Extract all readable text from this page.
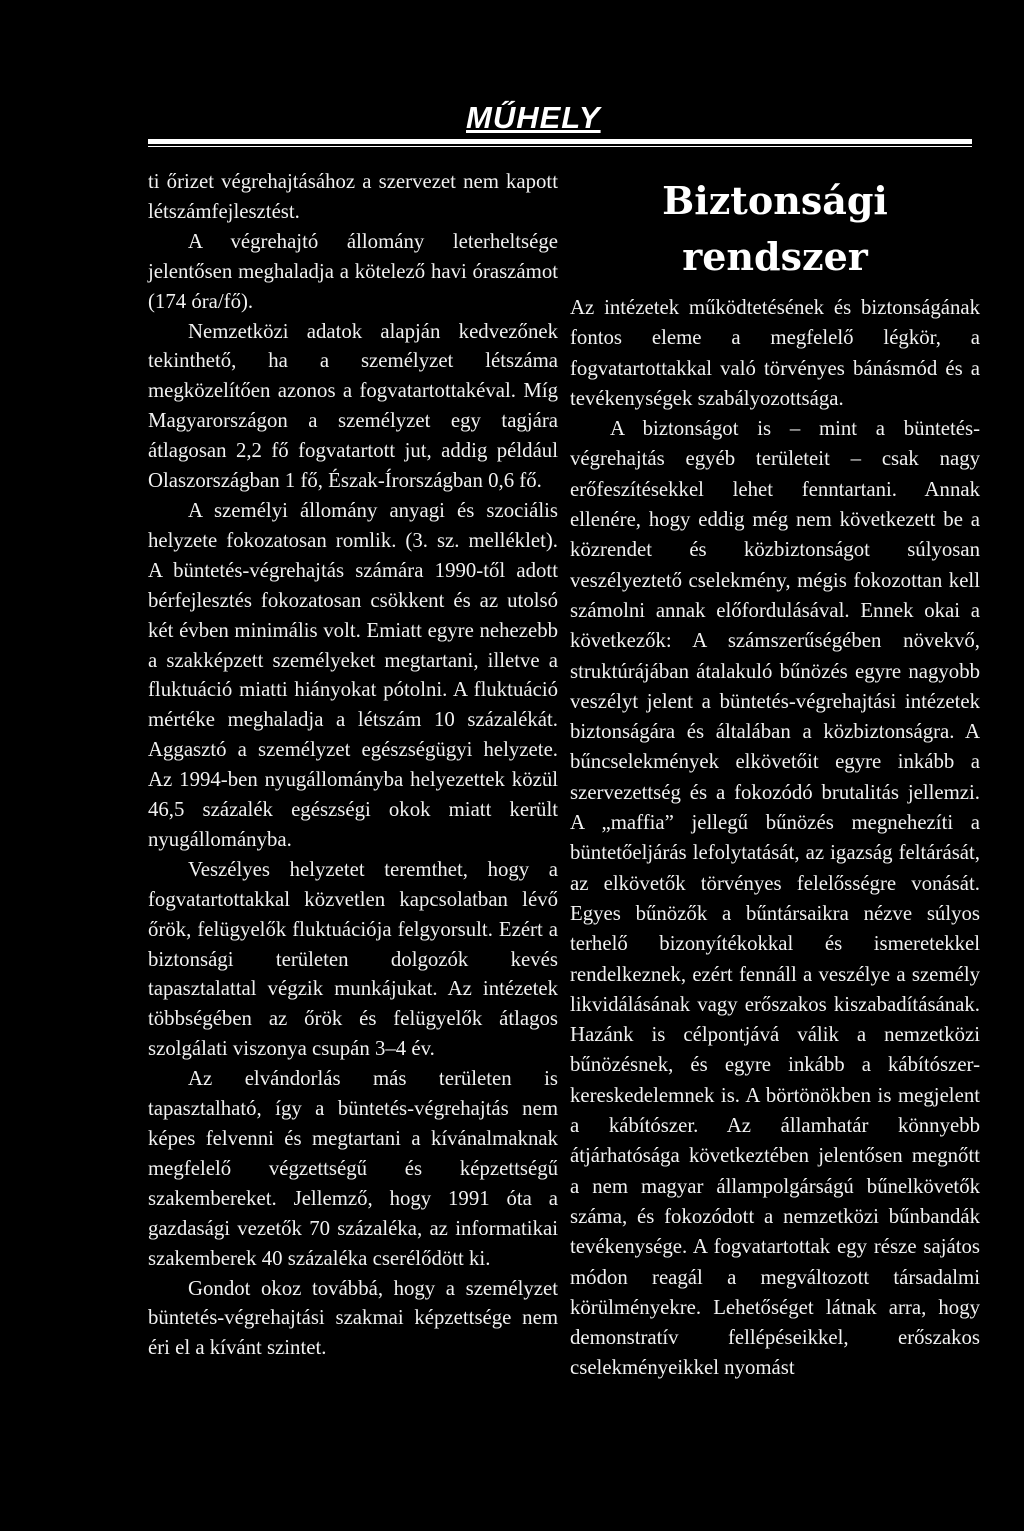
MŰHELY

ti őrizet végrehajtásához a szervezet nem kapott létszámfejlesztést.

A végrehajtó állomány leterheltsége jelentősen meghaladja a kötelező havi óraszámot (174 óra/fő).

Nemzetközi adatok alapján kedvezőnek tekinthető, ha a személyzet létszáma megközelítően azonos a fogvatartottakéval. Míg Magyarországon a személyzet egy tagjára átlagosan 2,2 fő fogvatartott jut, addig például Olaszországban 1 fő, Észak-Írországban 0,6 fő.

A személyi állomány anyagi és szociális helyzete fokozatosan romlik. (3. sz. melléklet). A büntetés-végrehajtás számára 1990-től adott bérfejlesztés fokozatosan csökkent és az utolsó két évben minimális volt. Emiatt egyre nehezebb a szakképzett személyeket megtartani, illetve a fluktuáció miatti hiányokat pótolni. A fluktuáció mértéke meghaladja a létszám 10 százalékát. Aggasztó a személyzet egészségügyi helyzete. Az 1994-ben nyugállományba helyezettek közül 46,5 százalék egészségi okok miatt került nyugállományba.

Veszélyes helyzetet teremthet, hogy a fogvatartottakkal közvetlen kapcsolatban lévő őrök, felügyelők fluktuációja felgyorsult. Ezért a biztonsági területen dolgozók kevés tapasztalattal végzik munkájukat. Az intézetek többségében az őrök és felügyelők átlagos szolgálati viszonya csupán 3–4 év.

Az elvándorlás más területen is tapasztalható, így a büntetés-végrehajtás nem képes felvenni és megtartani a kívánalmaknak megfelelő végzettségű és képzettségű szakembereket. Jellemző, hogy 1991 óta a gazdasági vezetők 70 százaléka, az informatikai szakemberek 40 százaléka cserélődött ki.

Gondot okoz továbbá, hogy a személyzet büntetés-végrehajtási szakmai képzettsége nem éri el a kívánt szintet.

Biztonsági rendszer

Az intézetek működtetésének és biztonságának fontos eleme a megfelelő légkör, a fogvatartottakkal való törvényes bánásmód és a tevékenységek szabályozottsága.

A biztonságot is – mint a büntetés-végrehajtás egyéb területeit – csak nagy erőfeszítésekkel lehet fenntartani. Annak ellenére, hogy eddig még nem következett be a közrendet és közbiztonságot súlyosan veszélyeztető cselekmény, mégis fokozottan kell számolni annak előfordulásával. Ennek okai a következők: A számszerűségében növekvő, struktúrájában átalakuló bűnözés egyre nagyobb veszélyt jelent a büntetés-végrehajtási intézetek biztonságára és általában a közbiztonságra. A bűncselekmények elkövetőit egyre inkább a szervezettség és a fokozódó brutalitás jellemzi. A „maffia” jellegű bűnözés megnehezíti a büntetőeljárás lefolytatását, az igazság feltárását, az elkövetők törvényes felelősségre vonását. Egyes bűnözők a bűntársaikra nézve súlyos terhelő bizonyítékokkal és ismeretekkel rendelkeznek, ezért fennáll a veszélye a személy likvidálásának vagy erőszakos kiszabadításának. Hazánk is célpontjává válik a nemzetközi bűnözésnek, és egyre inkább a kábítószer-kereskedelemnek is. A börtönökben is megjelent a kábítószer. Az államhatár könnyebb átjárhatósága következtében jelentősen megnőtt a nem magyar állampolgárságú bűnelkövetők száma, és fokozódott a nemzetközi bűnbandák tevékenysége. A fogvatartottak egy része sajátos módon reagál a megváltozott társadalmi körülményekre. Lehetőséget látnak arra, hogy demonstratív fellépéseikkel, erőszakos cselekményeikkel nyomást
